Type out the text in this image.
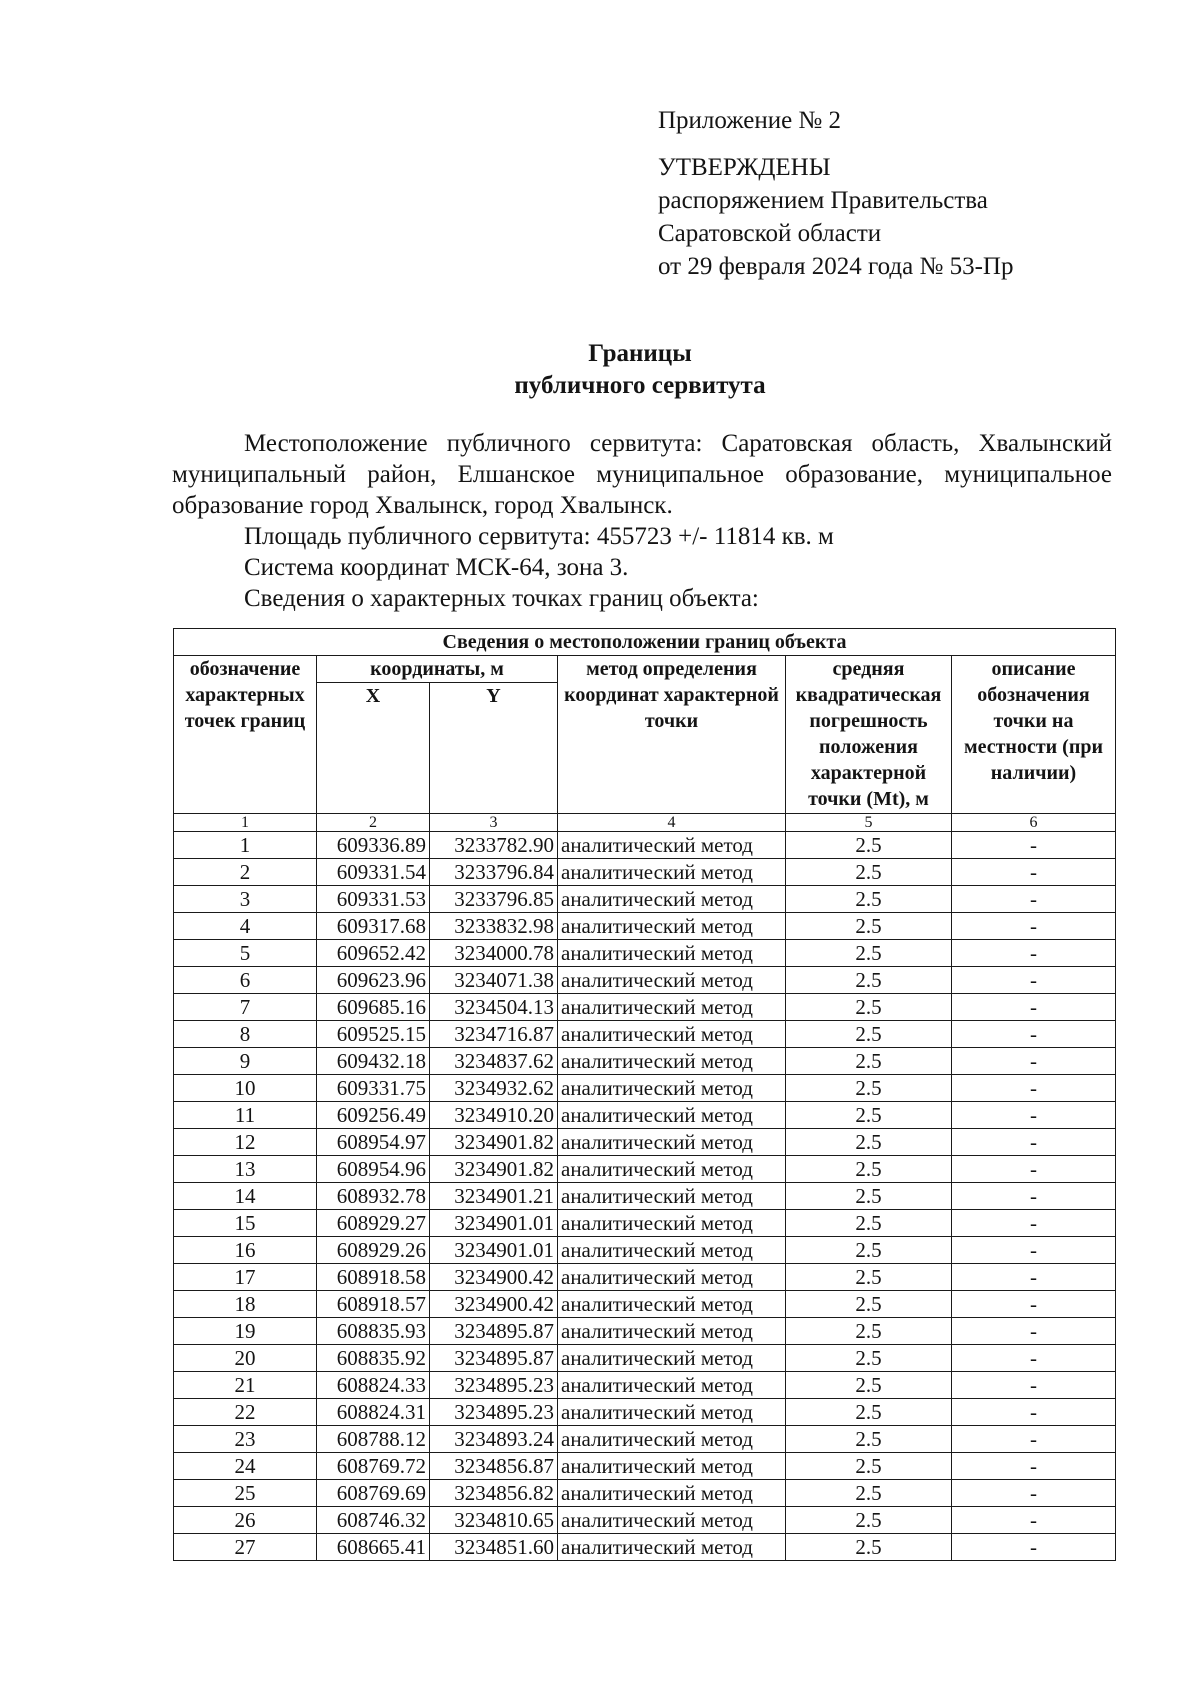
Приложение № 2
УТВЕРЖДЕНЫ
распоряжением Правительства
Саратовской области
от 29 февраля 2024 года № 53-Пр
Границы
публичного сервитута

Местоположение публичного сервитута: Саратовская область, Хвалынский муниципальный район, Елшанское муниципальное образование, муниципальное образование город Хвалынск, город Хвалынск.

Площадь публичного сервитута: 455723 +/- 11814 кв. м

Система координат МСК-64, зона 3.

Сведения о характерных точках границ объекта:

Сведения о местоположении границ объекта					
обозначение характерных точек границ	координаты, м		метод определения координат характерной точки	средняя квадратическая погрешность положения характерной точки (Mt), м	описание обозначения точки на местности (при наличии)
	X	Y			
1	2	3	4	5	6
1	609336.89	3233782.90	аналитический метод	2.5	-
2	609331.54	3233796.84	аналитический метод	2.5	-
3	609331.53	3233796.85	аналитический метод	2.5	-
4	609317.68	3233832.98	аналитический метод	2.5	-
5	609652.42	3234000.78	аналитический метод	2.5	-
6	609623.96	3234071.38	аналитический метод	2.5	-
7	609685.16	3234504.13	аналитический метод	2.5	-
8	609525.15	3234716.87	аналитический метод	2.5	-
9	609432.18	3234837.62	аналитический метод	2.5	-
10	609331.75	3234932.62	аналитический метод	2.5	-
11	609256.49	3234910.20	аналитический метод	2.5	-
12	608954.97	3234901.82	аналитический метод	2.5	-
13	608954.96	3234901.82	аналитический метод	2.5	-
14	608932.78	3234901.21	аналитический метод	2.5	-
15	608929.27	3234901.01	аналитический метод	2.5	-
16	608929.26	3234901.01	аналитический метод	2.5	-
17	608918.58	3234900.42	аналитический метод	2.5	-
18	608918.57	3234900.42	аналитический метод	2.5	-
19	608835.93	3234895.87	аналитический метод	2.5	-
20	608835.92	3234895.87	аналитический метод	2.5	-
21	608824.33	3234895.23	аналитический метод	2.5	-
22	608824.31	3234895.23	аналитический метод	2.5	-
23	608788.12	3234893.24	аналитический метод	2.5	-
24	608769.72	3234856.87	аналитический метод	2.5	-
25	608769.69	3234856.82	аналитический метод	2.5	-
26	608746.32	3234810.65	аналитический метод	2.5	-
27	608665.41	3234851.60	аналитический метод	2.5	-
